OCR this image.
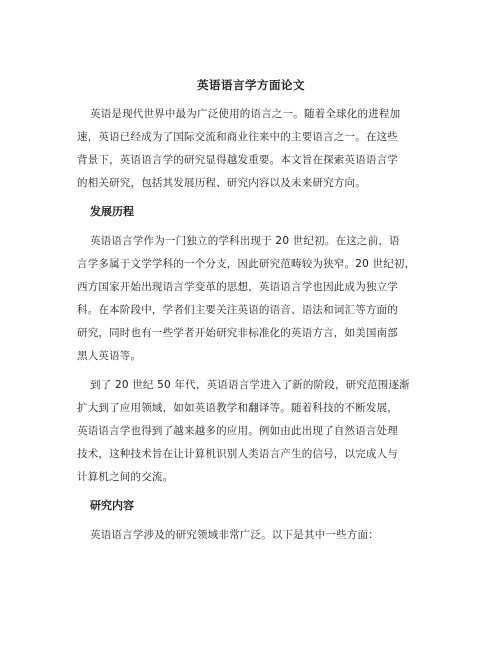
英语语言学方面论文
英语是现代世界中最为广泛使用的语言之一。随着全球化的进程加
速，英语已经成为了国际交流和商业往来中的主要语言之一。在这些
背景下，英语语言学的研究显得越发重要。本文旨在探索英语语言学
的相关研究，包括其发展历程、研究内容以及未来研究方向。
发展历程
英语语言学作为一门独立的学科出现于 20 世纪初。在这之前，语
言学多属于文学学科的一个分支，因此研究范畴较为狭窄。20 世纪初，
西方国家开始出现语言学变革的思想，英语语言学也因此成为独立学
科。在本阶段中，学者们主要关注英语的语音、语法和词汇等方面的
研究，同时也有一些学者开始研究非标准化的英语方言，如美国南部
黑人英语等。
到了 20 世纪 50 年代，英语语言学进入了新的阶段，研究范围逐渐
扩大到了应用领域，如如英语教学和翻译等。随着科技的不断发展，
英语语言学也得到了越来越多的应用。例如由此出现了自然语言处理
技术，这种技术旨在让计算机识别人类语言产生的信号，以完成人与
计算机之间的交流。
研究内容
英语语言学涉及的研究领域非常广泛。以下是其中一些方面：
